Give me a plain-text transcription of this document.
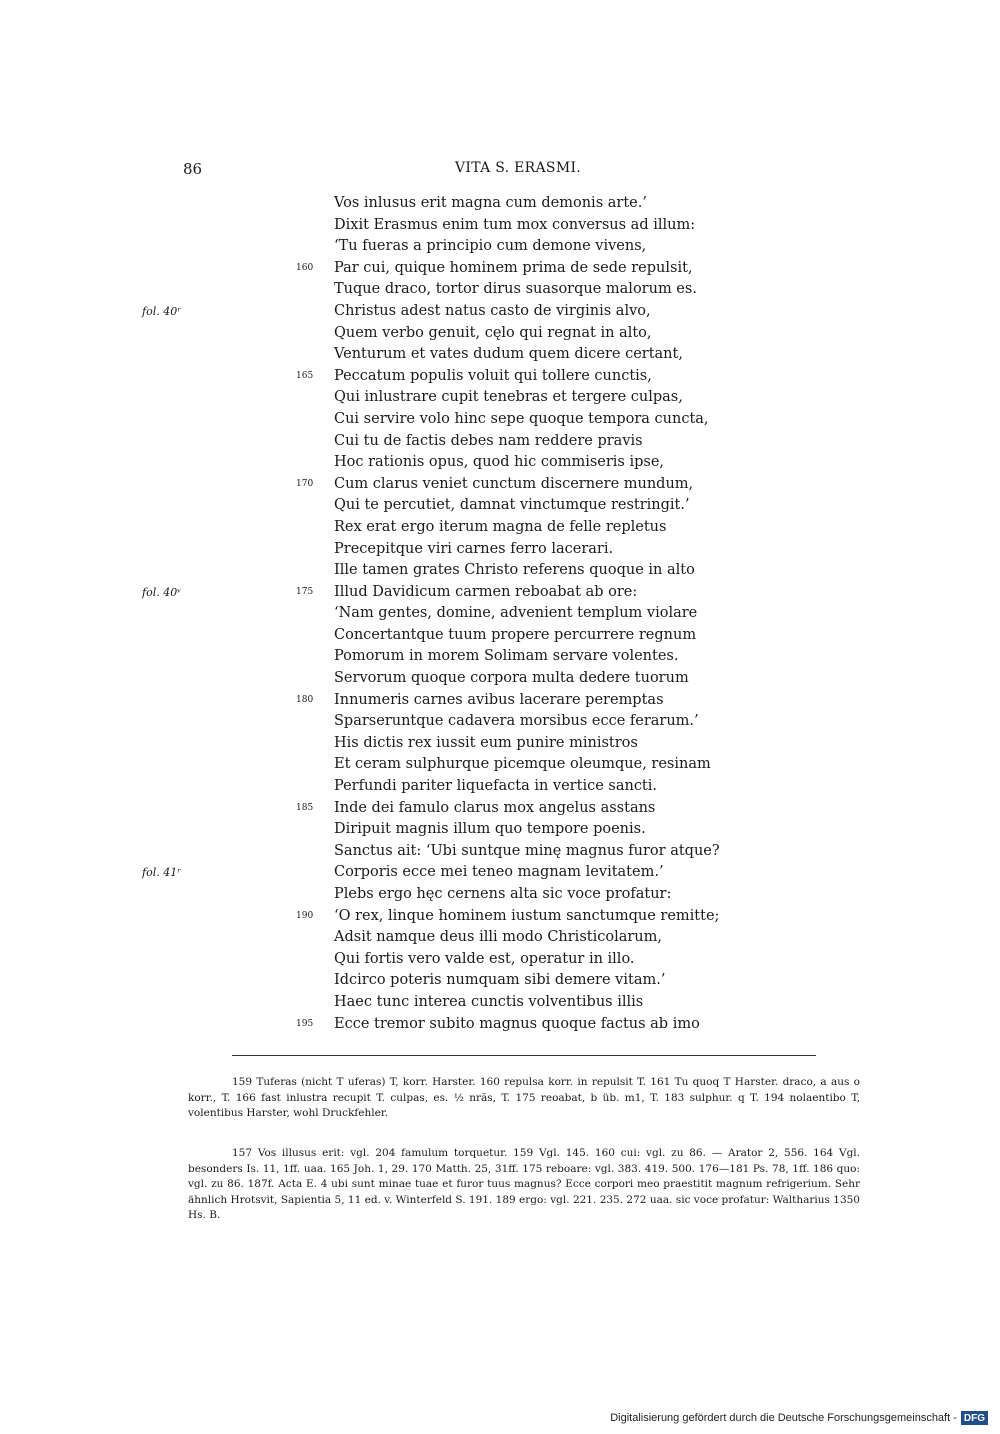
86	VITA S. ERASMI.
Vos inlusus erit magna cum demonis arte.’
Dixit Erasmus enim tum mox conversus ad illum:
‘Tu fueras a principio cum demone vivens,
160	Par cui, quique hominem prima de sede repulsit,
Tuque draco, tortor dirus suasorque malorum es.
fol. 40ʳ	Christus adest natus casto de virginis alvo,
Quem verbo genuit, cęlo qui regnat in alto,
Venturum et vates dudum quem dicere certant,
165	Peccatum populis voluit qui tollere cunctis,
Qui inlustrare cupit tenebras et tergere culpas,
Cui servire volo hinc sepe quoque tempora cuncta,
Cui tu de factis debes nam reddere pravis
Hoc rationis opus, quod hic commiseris ipse,
170	Cum clarus veniet cunctum discernere mundum,
Qui te percutiet, damnat vinctumque restringit.’
Rex erat ergo iterum magna de felle repletus
Precepitque viri carnes ferro lacerari.
Ille tamen grates Christo referens quoque in alto
fol. 40ᵛ	175	Illud Davidicum carmen reboabat ab ore:
‘Nam gentes, domine, advenient templum violare
Concertantque tuum propere percurrere regnum
Pomorum in morem Solimam servare volentes.
Servorum quoque corpora multa dedere tuorum
180	Innumeris carnes avibus lacerare peremptas
Sparseruntque cadavera morsibus ecce ferarum.’
His dictis rex iussit eum punire ministros
Et ceram sulphurque picemque oleumque, resinam
Perfundi pariter liquefacta in vertice sancti.
185	Inde dei famulo clarus mox angelus asstans
Diripuit magnis illum quo tempore poenis.
Sanctus ait: ‘Ubi suntque minę magnus furor atque?
fol. 41ʳ	Corporis ecce mei teneo magnam levitatem.’
Plebs ergo hęc cernens alta sic voce profatur:
190	‘O rex, linque hominem iustum sanctumque remitte;
Adsit namque deus illi modo Christicolarum,
Qui fortis vero valde est, operatur in illo.
Idcirco poteris numquam sibi demere vitam.’
Haec tunc interea cunctis volventibus illis
195	Ecce tremor subito magnus quoque factus ab imo

159 Tuferas (nicht T uferas) T, korr. Harster. 160 repulsa korr. in repulsit T. 161 Tu quoq T Harster. draco, a aus o korr., T. 166 fast inlustra recupit T. culpas, es. ½ nrãs, T. 175 reoabat, b üb. m1, T. 183 sulphur. q T. 194 nolaentibo T, volentibus Harster, wohl Druckfehler.

157 Vos illusus erit: vgl. 204 famulum torquetur. 159 Vgl. 145. 160 cui: vgl. zu 86. — Arator 2, 556. 164 Vgl. besonders Is. 11, 1ff. uaa. 165 Joh. 1, 29. 170 Matth. 25, 31ff. 175 reboare: vgl. 383. 419. 500. 176—181 Ps. 78, 1ff. 186 quo: vgl. zu 86. 187f. Acta E. 4 ubi sunt minae tuae et furor tuus magnus? Ecce corpori meo praestitit magnum refrigerium. Sehr ähnlich Hrotsvit, Sapientia 5, 11 ed. v. Winterfeld S. 191. 189 ergo: vgl. 221. 235. 272 uaa. sic voce profatur: Waltharius 1350 Hs. B.

Digitalisierung gefördert durch die Deutsche Forschungsgemeinschaft - DFG
